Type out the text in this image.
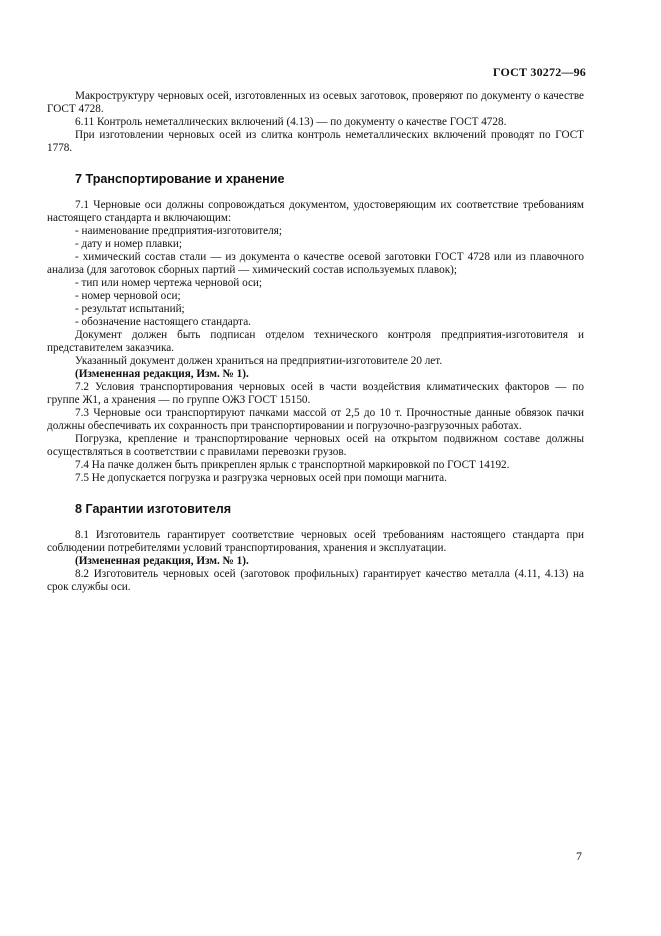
ГОСТ 30272—96

Макроструктуру черновых осей, изготовленных из осевых заготовок, проверяют по документу о качестве ГОСТ 4728.

6.11 Контроль неметаллических включений (4.13) — по документу о качестве ГОСТ 4728.

При изготовлении черновых осей из слитка контроль неметаллических включений проводят по ГОСТ 1778.

7 Транспортирование и хранение

7.1 Черновые оси должны сопровождаться документом, удостоверяющим их соответствие требованиям настоящего стандарта и включающим:

- наименование предприятия-изготовителя;

- дату и номер плавки;

- химический состав стали — из документа о качестве осевой заготовки ГОСТ 4728 или из плавочного анализа (для заготовок сборных партий — химический состав используемых плавок);

- тип или номер чертежа черновой оси;

- номер черновой оси;

- результат испытаний;

- обозначение настоящего стандарта.

Документ должен быть подписан отделом технического контроля предприятия-изготовителя и представителем заказчика.

Указанный документ должен храниться на предприятии-изготовителе 20 лет.

(Измененная редакция, Изм. № 1).

7.2 Условия транспортирования черновых осей в части воздействия климатических факторов — по группе Ж1, а хранения — по группе ОЖЗ ГОСТ 15150.

7.3 Черновые оси транспортируют пачками массой от 2,5 до 10 т. Прочностные данные обвязок пачки должны обеспечивать их сохранность при транспортировании и погрузочно-разгрузочных работах.

Погрузка, крепление и транспортирование черновых осей на открытом подвижном составе должны осуществляться в соответствии с правилами перевозки грузов.

7.4 На пачке должен быть прикреплен ярлык с транспортной маркировкой по ГОСТ 14192.

7.5 Не допускается погрузка и разгрузка черновых осей при помощи магнита.

8 Гарантии изготовителя

8.1 Изготовитель гарантирует соответствие черновых осей требованиям настоящего стандарта при соблюдении потребителями условий транспортирования, хранения и эксплуатации.

(Измененная редакция, Изм. № 1).

8.2 Изготовитель черновых осей (заготовок профильных) гарантирует качество металла (4.11, 4.13) на срок службы оси.

7
